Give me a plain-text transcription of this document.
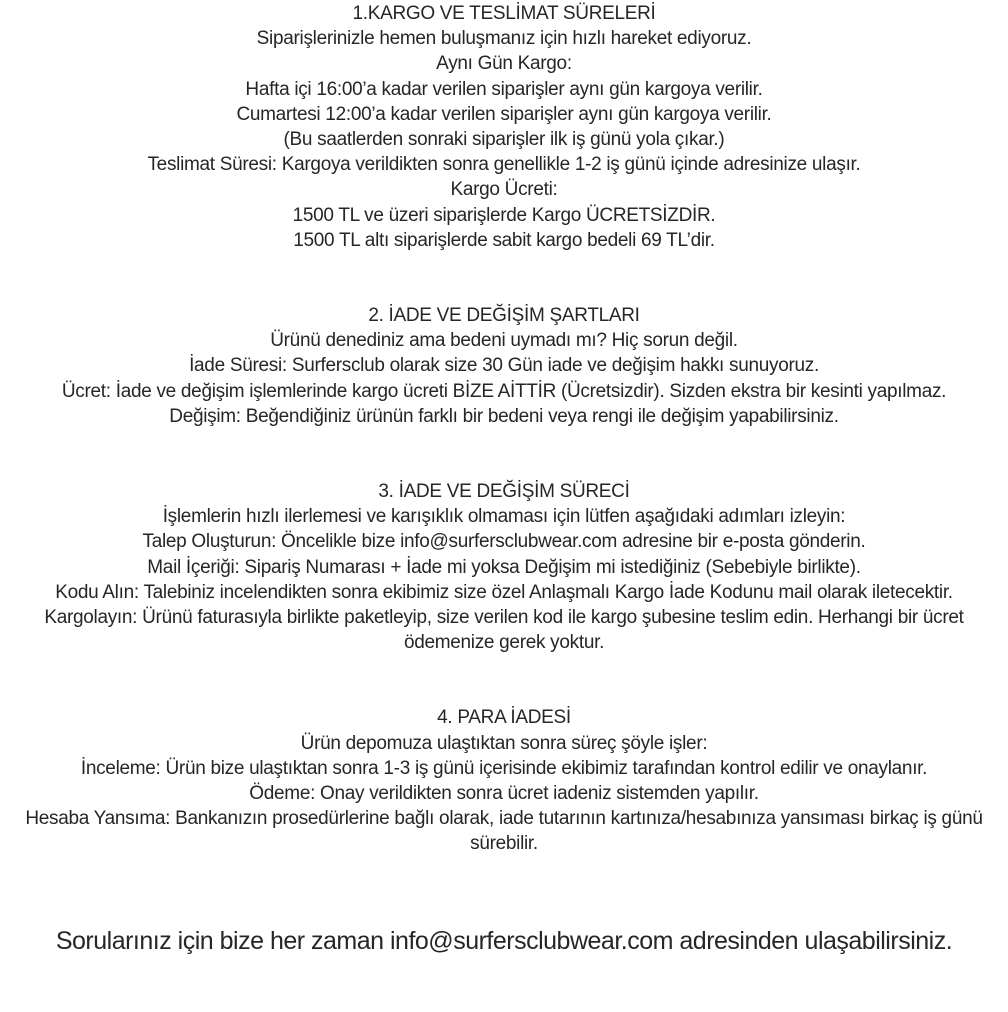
1.KARGO VE TESLİMAT SÜRELERİ
Siparişlerinizle hemen buluşmanız için hızlı hareket ediyoruz.
Aynı Gün Kargo:
Hafta içi 16:00’a kadar verilen siparişler aynı gün kargoya verilir.
Cumartesi 12:00’a kadar verilen siparişler aynı gün kargoya verilir.
(Bu saatlerden sonraki siparişler ilk iş günü yola çıkar.)
Teslimat Süresi: Kargoya verildikten sonra genellikle 1-2 iş günü içinde adresinize ulaşır.
Kargo Ücreti:
1500 TL ve üzeri siparişlerde Kargo ÜCRETSİZDİR.
1500 TL altı siparişlerde sabit kargo bedeli 69 TL’dir.
2. İADE VE DEĞİŞİM ŞARTLARI
Ürünü denediniz ama bedeni uymadı mı? Hiç sorun değil.
İade Süresi: Surfersclub olarak size 30 Gün iade ve değişim hakkı sunuyoruz.
Ücret: İade ve değişim işlemlerinde kargo ücreti BİZE AİTTİR (Ücretsizdir). Sizden ekstra bir kesinti yapılmaz.
Değişim: Beğendiğiniz ürünün farklı bir bedeni veya rengi ile değişim yapabilirsiniz.
3. İADE VE DEĞİŞİM SÜRECİ
İşlemlerin hızlı ilerlemesi ve karışıklık olmaması için lütfen aşağıdaki adımları izleyin:
Talep Oluşturun: Öncelikle bize info@surfersclubwear.com adresine bir e-posta gönderin.
Mail İçeriği: Sipariş Numarası + İade mi yoksa Değişim mi istediğiniz (Sebebiyle birlikte).
Kodu Alın: Talebiniz incelendikten sonra ekibimiz size özel Anlaşmalı Kargo İade Kodunu mail olarak iletecektir.
Kargolayın: Ürünü faturasıyla birlikte paketleyip, size verilen kod ile kargo şubesine teslim edin. Herhangi bir ücret ödemenize gerek yoktur.
4. PARA İADESİ
Ürün depomuza ulaştıktan sonra süreç şöyle işler:
İnceleme: Ürün bize ulaştıktan sonra 1-3 iş günü içerisinde ekibimiz tarafından kontrol edilir ve onaylanır.
Ödeme: Onay verildikten sonra ücret iadeniz sistemden yapılır.
Hesaba Yansıma: Bankanızın prosedürlerine bağlı olarak, iade tutarının kartınıza/hesabınıza yansıması birkaç iş günü sürebilir.
Sorularınız için bize her zaman info@surfersclubwear.com adresinden ulaşabilirsiniz.
